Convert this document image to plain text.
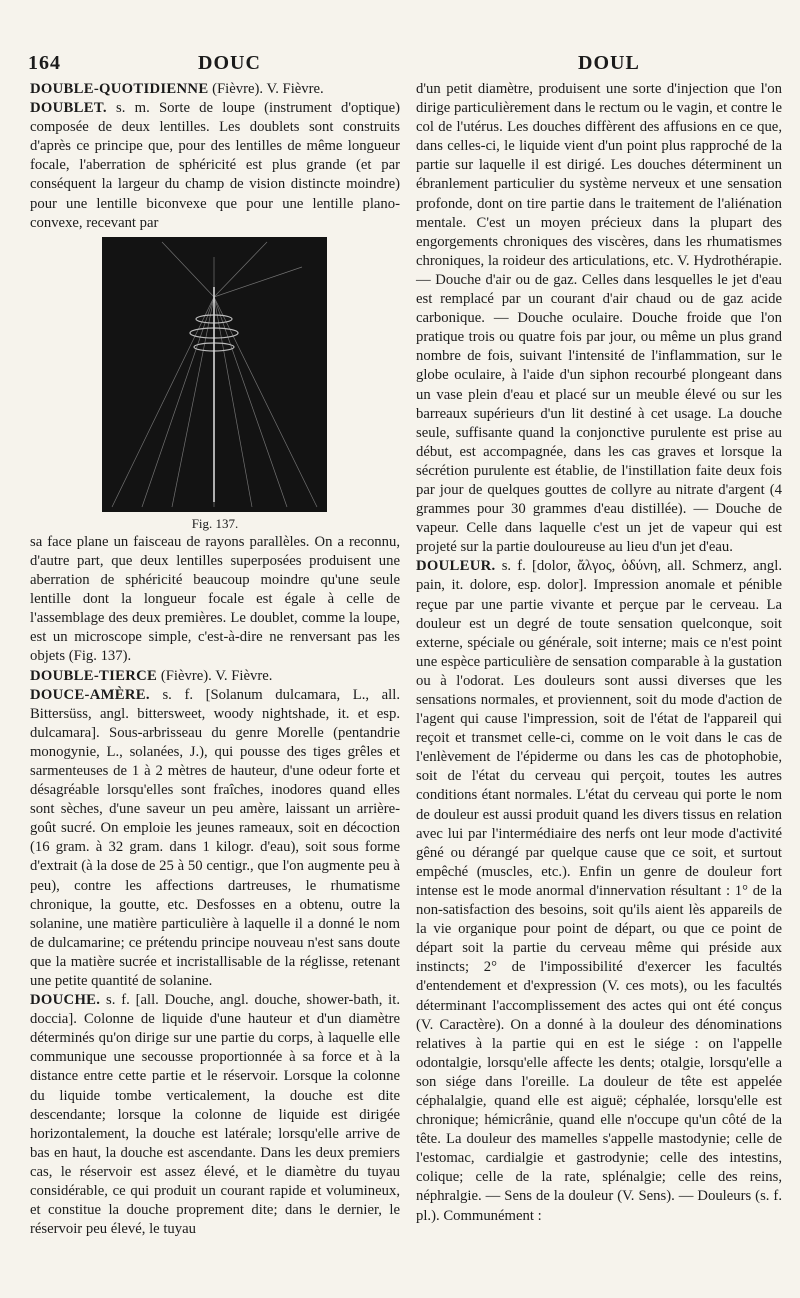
164	DOUC	DOUL

DOUBLE-QUOTIDIENNE (Fièvre). V. Fièvre.

DOUBLET. s. m. Sorte de loupe (instrument d'optique) composée de deux lentilles. Les doublets sont construits d'après ce principe que, pour des lentilles de même longueur focale, l'aberration de sphéricité est plus grande (et par conséquent la largeur du champ de vision distincte moindre) pour une lentille biconvexe que pour une lentille plano-convexe, recevant par

Fig. 137.

sa face plane un faisceau de rayons parallèles. On a reconnu, d'autre part, que deux lentilles superposées produisent une aberration de sphéricité beaucoup moindre qu'une seule lentille dont la longueur focale est égale à celle de l'assemblage des deux premières. Le doublet, comme la loupe, est un microscope simple, c'est-à-dire ne renversant pas les objets (Fig. 137).

DOUBLE-TIERCE (Fièvre). V. Fièvre.

DOUCE-AMÈRE. s. f. [Solanum dulcamara, L., all. Bittersüss, angl. bittersweet, woody nightshade, it. et esp. dulcamara]. Sous-arbrisseau du genre Morelle (pentandrie monogynie, L., solanées, J.), qui pousse des tiges grêles et sarmenteuses de 1 à 2 mètres de hauteur, d'une odeur forte et désagréable lorsqu'elles sont fraîches, inodores quand elles sont sèches, d'une saveur un peu amère, laissant un arrière-goût sucré. On emploie les jeunes rameaux, soit en décoction (16 gram. à 32 gram. dans 1 kilogr. d'eau), soit sous forme d'extrait (à la dose de 25 à 50 centigr., que l'on augmente peu à peu), contre les affections dartreuses, le rhumatisme chronique, la goutte, etc. Desfosses en a obtenu, outre la solanine, une matière particulière à laquelle il a donné le nom de dulcamarine; ce prétendu principe nouveau n'est sans doute que la matière sucrée et incristallisable de la réglisse, retenant une petite quantité de solanine.

DOUCHE. s. f. [all. Douche, angl. douche, shower-bath, it. doccia]. Colonne de liquide d'une hauteur et d'un diamètre déterminés qu'on dirige sur une partie du corps, à laquelle elle communique une secousse proportionnée à sa force et à la distance entre cette partie et le réservoir. Lorsque la colonne du liquide tombe verticalement, la douche est dite descendante; lorsque la colonne de liquide est dirigée horizontalement, la douche est latérale; lorsqu'elle arrive de bas en haut, la douche est ascendante. Dans les deux premiers cas, le réservoir est assez élevé, et le diamètre du tuyau considérable, ce qui produit un courant rapide et volumineux, et constitue la douche proprement dite; dans le dernier, le réservoir peu élevé, le tuyau

d'un petit diamètre, produisent une sorte d'injection que l'on dirige particulièrement dans le rectum ou le vagin, et contre le col de l'utérus. Les douches diffèrent des affusions en ce que, dans celles-ci, le liquide vient d'un point plus rapproché de la partie sur laquelle il est dirigé. Les douches déterminent un ébranlement particulier du système nerveux et une sensation profonde, dont on tire partie dans le traitement de l'aliénation mentale. C'est un moyen précieux dans la plupart des engorgements chroniques des viscères, dans les rhumatismes chroniques, la roideur des articulations, etc. V. Hydrothérapie. — Douche d'air ou de gaz. Celles dans lesquelles le jet d'eau est remplacé par un courant d'air chaud ou de gaz acide carbonique. — Douche oculaire. Douche froide que l'on pratique trois ou quatre fois par jour, ou même un plus grand nombre de fois, suivant l'intensité de l'inflammation, sur le globe oculaire, à l'aide d'un siphon recourbé plongeant dans un vase plein d'eau et placé sur un meuble élevé ou sur les barreaux supérieurs d'un lit destiné à cet usage. La douche seule, suffisante quand la conjonctive purulente est prise au début, est accompagnée, dans les cas graves et lorsque la sécrétion purulente est établie, de l'instillation faite deux fois par jour de quelques gouttes de collyre au nitrate d'argent (4 grammes pour 30 grammes d'eau distillée). — Douche de vapeur. Celle dans laquelle c'est un jet de vapeur qui est projeté sur la partie douloureuse au lieu d'un jet d'eau.

DOULEUR. s. f. [dolor, ἄλγος, ὀδύνη, all. Schmerz, angl. pain, it. dolore, esp. dolor]. Impression anomale et pénible reçue par une partie vivante et perçue par le cerveau. La douleur est un degré de toute sensation quelconque, soit externe, spéciale ou générale, soit interne; mais ce n'est point une espèce particulière de sensation comparable à la gustation ou à l'odorat. Les douleurs sont aussi diverses que les sensations normales, et proviennent, soit du mode d'action de l'agent qui cause l'impression, soit de l'état de l'appareil qui reçoit et transmet celle-ci, comme on le voit dans le cas de l'enlèvement de l'épiderme ou dans les cas de photophobie, soit de l'état du cerveau qui perçoit, toutes les autres conditions étant normales. L'état du cerveau qui porte le nom de douleur est aussi produit quand les divers tissus en relation avec lui par l'intermédiaire des nerfs ont leur mode d'activité gêné ou dérangé par quelque cause que ce soit, et surtout empêché (muscles, etc.). Enfin un genre de douleur fort intense est le mode anormal d'innervation résultant : 1° de la non-satisfaction des besoins, soit qu'ils aient lès appareils de la vie organique pour point de départ, ou que ce point de départ soit la partie du cerveau même qui préside aux instincts; 2° de l'impossibilité d'exercer les facultés d'entendement et d'expression (V. ces mots), ou les facultés déterminant l'accomplissement des actes qui ont été conçus (V. Caractère). On a donné à la douleur des dénominations relatives à la partie qui en est le siége : on l'appelle odontalgie, lorsqu'elle affecte les dents; otalgie, lorsqu'elle a son siége dans l'oreille. La douleur de tête est appelée céphalalgie, quand elle est aiguë; céphalée, lorsqu'elle est chronique; hémicrânie, quand elle n'occupe qu'un côté de la tête. La douleur des mamelles s'appelle mastodynie; celle de l'estomac, cardialgie et gastrodynie; celle des intestins, colique; celle de la rate, splénalgie; celle des reins, néphralgie. — Sens de la douleur (V. Sens). — Douleurs (s. f. pl.). Communément :
